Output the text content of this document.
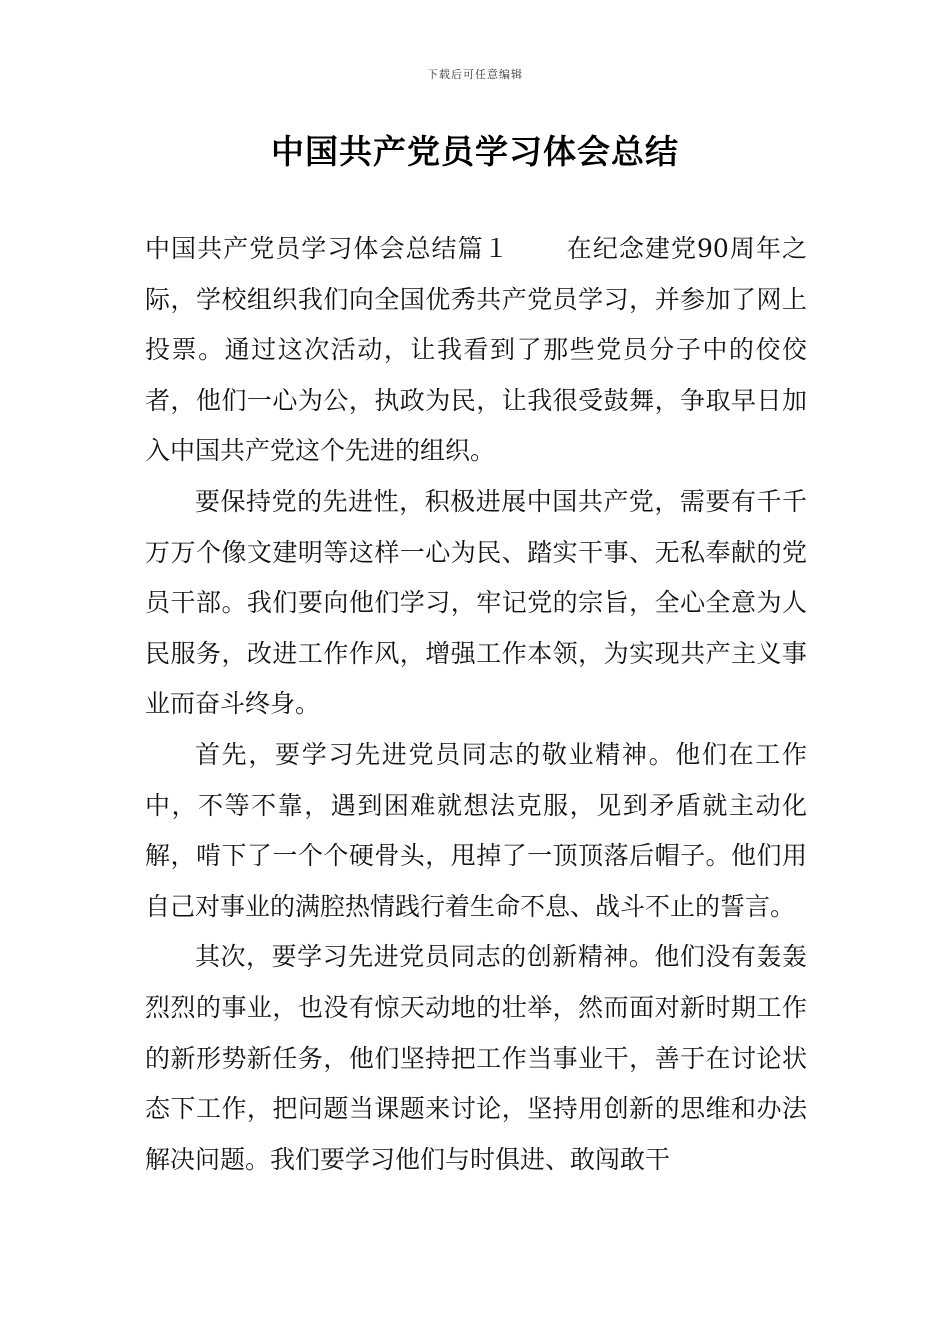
下载后可任意编辑
中国共产党员学习体会总结

中国共产党员学习体会总结篇１ 在纪念建党90周年之际，学校组织我们向全国优秀共产党员学习，并参加了网上投票。通过这次活动，让我看到了那些党员分子中的佼佼者，他们一心为公，执政为民，让我很受鼓舞，争取早日加入中国共产党这个先进的组织。

要保持党的先进性，积极进展中国共产党，需要有千千万万个像文建明等这样一心为民、踏实干事、无私奉献的党员干部。我们要向他们学习，牢记党的宗旨，全心全意为人民服务，改进工作作风，增强工作本领，为实现共产主义事业而奋斗终身。

首先，要学习先进党员同志的敬业精神。他们在工作中，不等不靠，遇到困难就想法克服，见到矛盾就主动化解，啃下了一个个硬骨头，甩掉了一顶顶落后帽子。他们用自己对事业的满腔热情践行着生命不息、战斗不止的誓言。

其次，要学习先进党员同志的创新精神。他们没有轰轰烈烈的事业，也没有惊天动地的壮举，然而面对新时期工作的新形势新任务，他们坚持把工作当事业干，善于在讨论状态下工作，把问题当课题来讨论，坚持用创新的思维和办法解决问题。我们要学习他们与时俱进、敢闯敢干
